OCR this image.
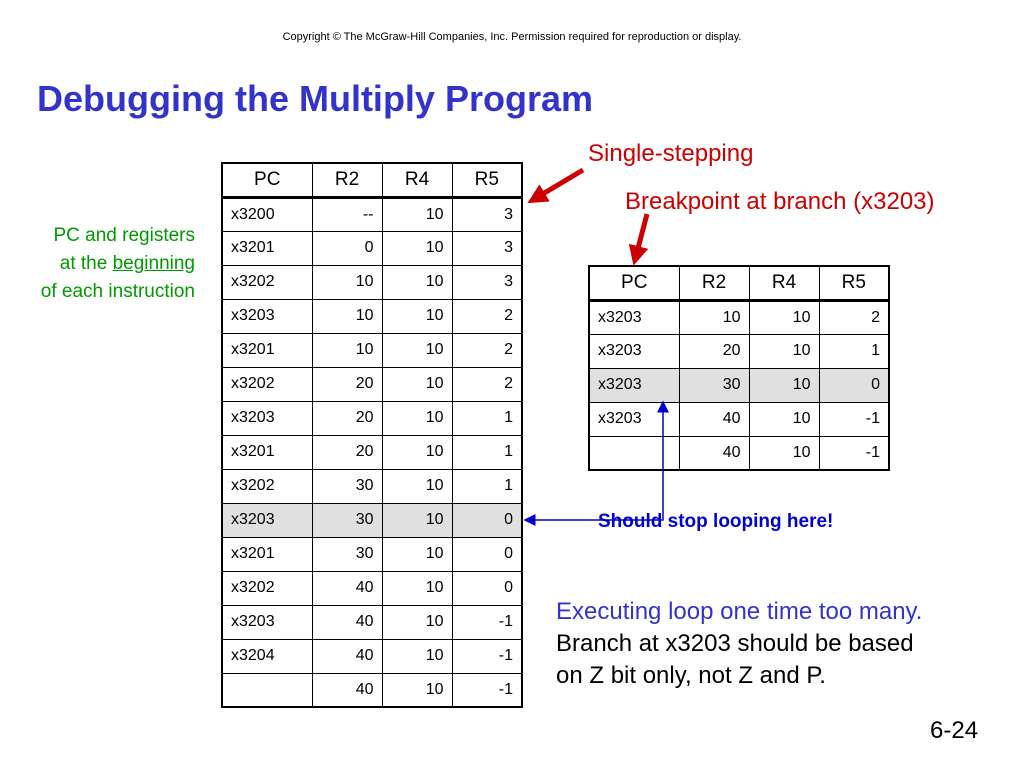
Copyright © The McGraw-Hill Companies, Inc. Permission required for reproduction or display.
Debugging the Multiply Program
Single-stepping
Breakpoint at branch (x3203)
PC and registers
at the beginning
of each instruction
PC	R2	R4	R5
x3200	--	10	3
x3201	0	10	3
x3202	10	10	3
x3203	10	10	2
x3201	10	10	2
x3202	20	10	2
x3203	20	10	1
x3201	20	10	1
x3202	30	10	1
x3203	30	10	0
x3201	30	10	0
x3202	40	10	0
x3203	40	10	-1
x3204	40	10	-1
	40	10	-1
PC	R2	R4	R5
x3203	10	10	2
x3203	20	10	1
x3203	30	10	0
x3203	40	10	-1
	40	10	-1
Should stop looping here!
Executing loop one time too many.
Branch at x3203 should be based
on Z bit only, not Z and P.
6-24
